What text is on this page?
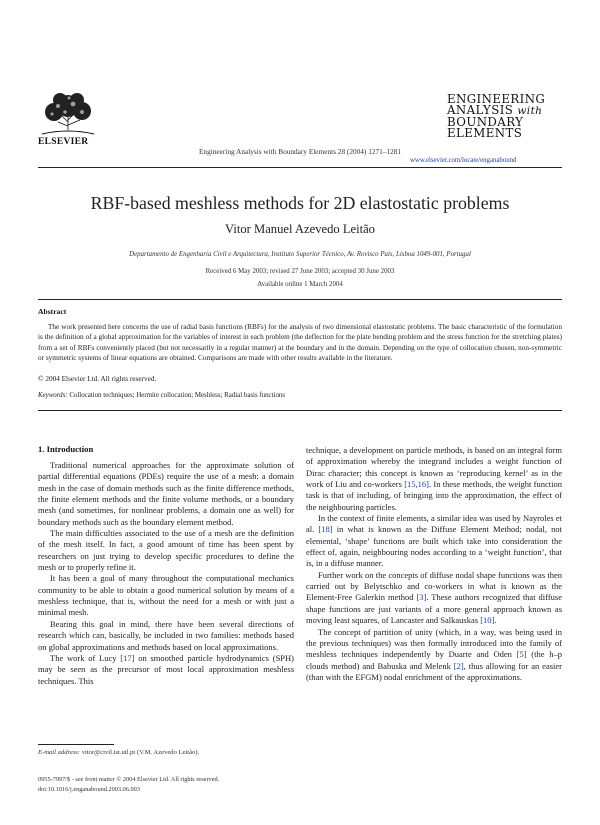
ELSEVIER
Engineering Analysis with Boundary Elements 28 (2004) 1271–1281
ENGINEERING
ANALYSIS with
BOUNDARY
ELEMENTS
www.elsevier.com/locate/enganabound
RBF-based meshless methods for 2D elastostatic problems
Vitor Manuel Azevedo Leitão
Departamento de Engenharia Civil e Arquitectura, Instituto Superior Técnico, Av. Rovisco Pais, Lisboa 1049-001, Portugal
Received 6 May 2003; revised 27 June 2003; accepted 30 June 2003
Available online 1 March 2004
Abstract

The work presented here concerns the use of radial basis functions (RBFs) for the analysis of two dimensional elastostatic problems. The basic characteristic of the formulation is the definition of a global approximation for the variables of interest in each problem (the deflection for the plate bending problem and the stress function for the stretching plates) from a set of RBFs conveniently placed (but not necessarily in a regular manner) at the boundary and in the domain. Depending on the type of collocation chosen, non-symmetric or symmetric systems of linear equations are obtained. Comparisons are made with other results available in the literature.

© 2004 Elsevier Ltd. All rights reserved.
Keywords: Collocation techniques; Hermite collocation; Meshless; Radial basis functions
1. Introduction

Traditional numerical approaches for the approximate solution of partial differential equations (PDEs) require the use of a mesh: a domain mesh in the case of domain methods such as the finite difference methods, the finite element methods and the finite volume methods, or a boundary mesh (and sometimes, for nonlinear problems, a domain one as well) for boundary methods such as the boundary element method.

The main difficulties associated to the use of a mesh are the definition of the mesh itself. In fact, a good amount of time has been spent by researchers on just trying to develop specific procedures to define the mesh or to properly refine it.

It has been a goal of many throughout the computational mechanics community to be able to obtain a good numerical solution by means of a meshless technique, that is, without the need for a mesh or with just a minimal mesh.

Bearing this goal in mind, there have been several directions of research which can, basically, be included in two families: methods based on global approximations and methods based on local approximations.

The work of Lucy [17] on smoothed particle hydrodynamics (SPH) may be seen as the precursor of most local approximation meshless techniques. This

technique, a development on particle methods, is based on an integral form of approximation whereby the integrand includes a weight function of Dirac character; this concept is known as ‘reproducing kernel’ as in the work of Liu and co-workers [15,16]. In these methods, the weight function task is that of including, of bringing into the approximation, the effect of the neighbouring particles.

In the context of finite elements, a similar idea was used by Nayroles et al. [18] in what is known as the Diffuse Element Method; nodal, not elemental, ‘shape’ functions are built which take into consideration the effect of, again, neighbouring nodes according to a ‘weight function’, that is, in a diffuse manner.

Further work on the concepts of diffuse nodal shape functions was then carried out by Belytschko and co-workers in what is known as the Element-Free Galerkin method [3]. These authors recognized that diffuse shape functions are just variants of a more general approach known as moving least squares, of Lancaster and Salkauskas [10].

The concept of partition of unity (which, in a way, was being used in the previous techniques) was then formally introduced into the family of meshless techniques independently by Duarte and Oden [5] (the h–p clouds method) and Babuska and Melenk [2], thus allowing for an easier (than with the EFGM) nodal enrichment of the approximations.

E-mail address: vitor@civil.ist.utl.pt (V.M. Azevedo Leitão).
0955-7997/$ - see front matter © 2004 Elsevier Ltd. All rights reserved.
doi:10.1016/j.enganabound.2003.06.003
